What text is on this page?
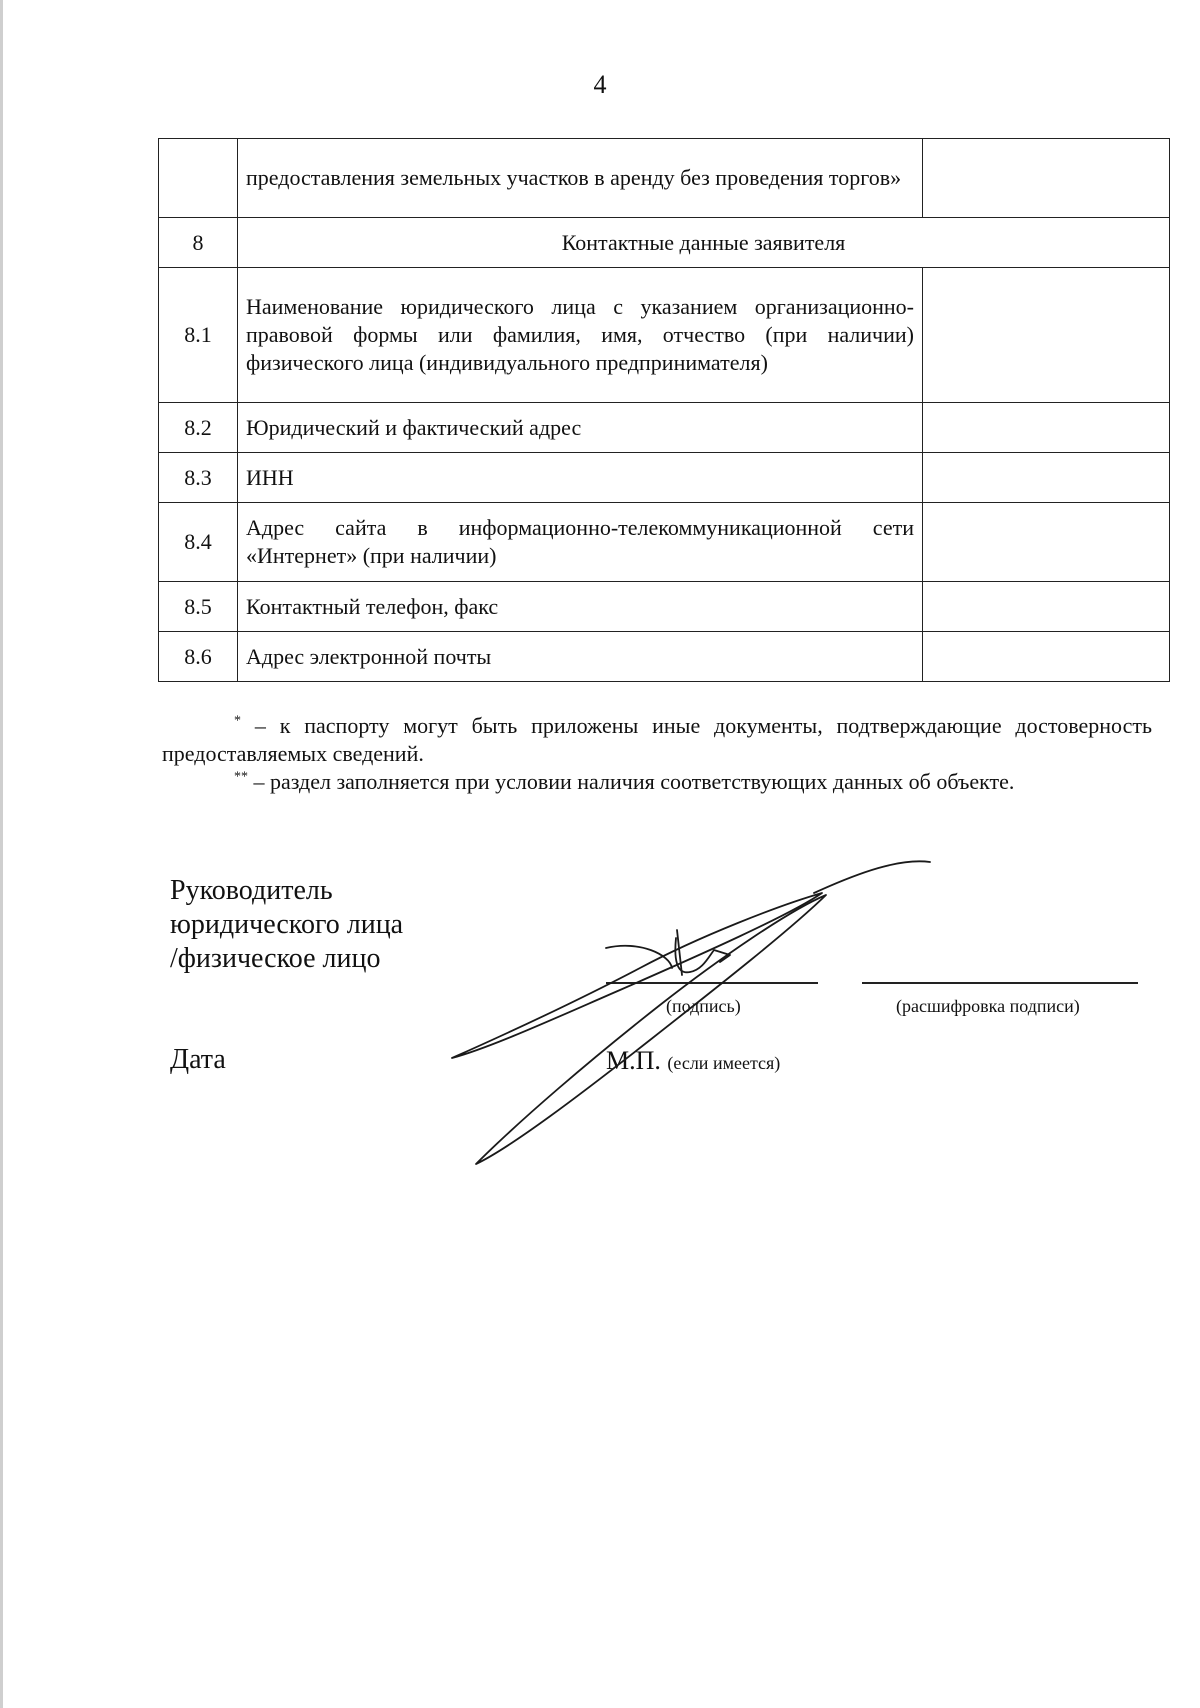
4
	предоставления земельных участков в аренду без проведения торгов»	
8	Контактные данные заявителя	
8.1	Наименование юридического лица с указанием организационно-правовой формы или фамилия, имя, отчество (при наличии) физического лица (индивидуального предпринимателя)	
8.2	Юридический и фактический адрес	
8.3	ИНН	
8.4	Адрес сайта в информационно-телекоммуникационной сети «Интернет» (при наличии)	
8.5	Контактный телефон, факс	
8.6	Адрес электронной почты	
* – к паспорту могут быть приложены иные документы, подтверждающие достоверность предоставляемых сведений.
** – раздел заполняется при условии наличия соответствующих данных об объекте.
Руководитель
юридического лица
/физическое лицо
(подпись)	(расшифровка подписи)
Дата	М.П. (если имеется)
